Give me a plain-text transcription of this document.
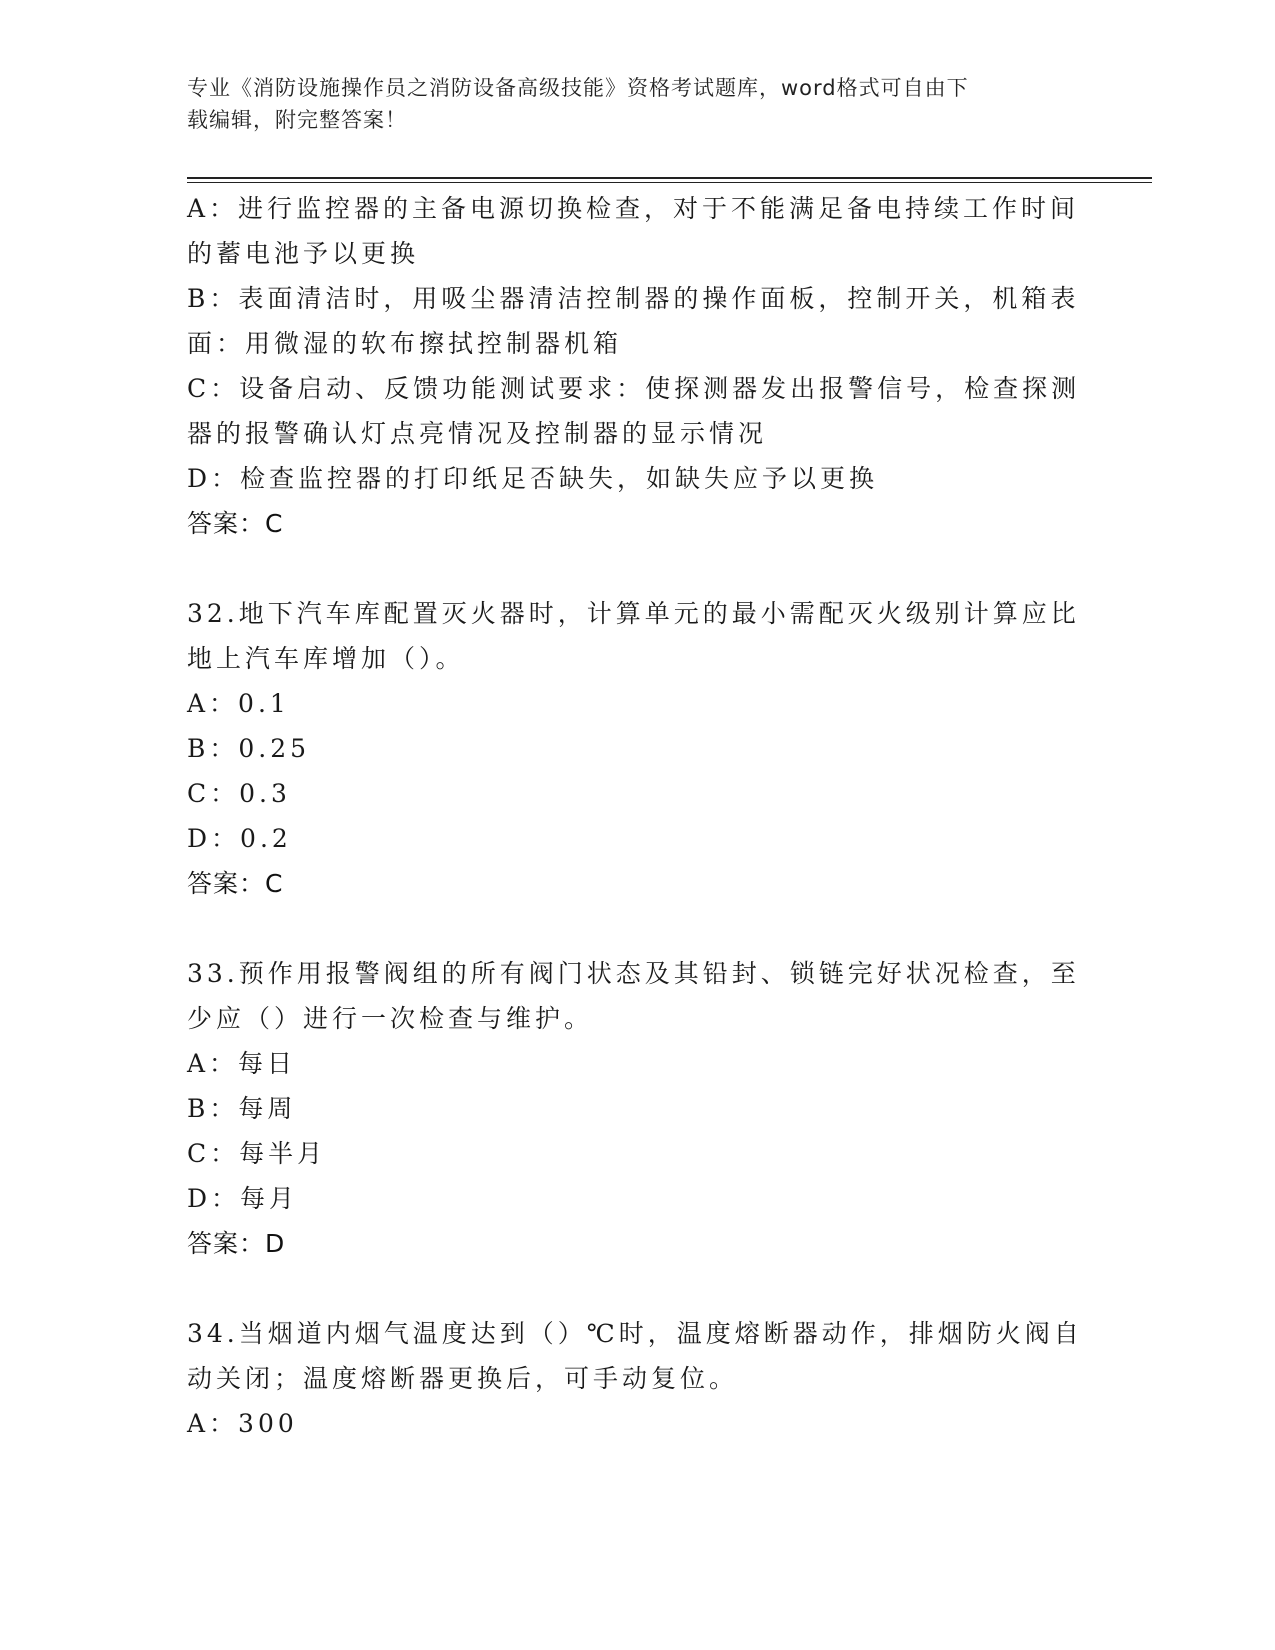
专业《消防设施操作员之消防设备高级技能》资格考试题库，word格式可自由下
载编辑，附完整答案！
A：进行监控器的主备电源切换检查，对于不能满足备电持续工作时间
的蓄电池予以更换
B：表面清洁时，用吸尘器清洁控制器的操作面板，控制开关，机箱表
面：用微湿的软布擦拭控制器机箱
C：设备启动、反馈功能测试要求：使探测器发出报警信号，检查探测
器的报警确认灯点亮情况及控制器的显示情况
D：检查监控器的打印纸足否缺失，如缺失应予以更换
答案：C
32.地下汽车库配置灭火器时，计算单元的最小需配灭火级别计算应比
地上汽车库增加（）。
A：0.1
B：0.25
C：0.3
D：0.2
答案：C
33.预作用报警阀组的所有阀门状态及其铅封、锁链完好状况检查，至
少应（）进行一次检查与维护。
A：每日
B：每周
C：每半月
D：每月
答案：D
34.当烟道内烟气温度达到（）℃时，温度熔断器动作，排烟防火阀自
动关闭；温度熔断器更换后，可手动复位。
A：300
